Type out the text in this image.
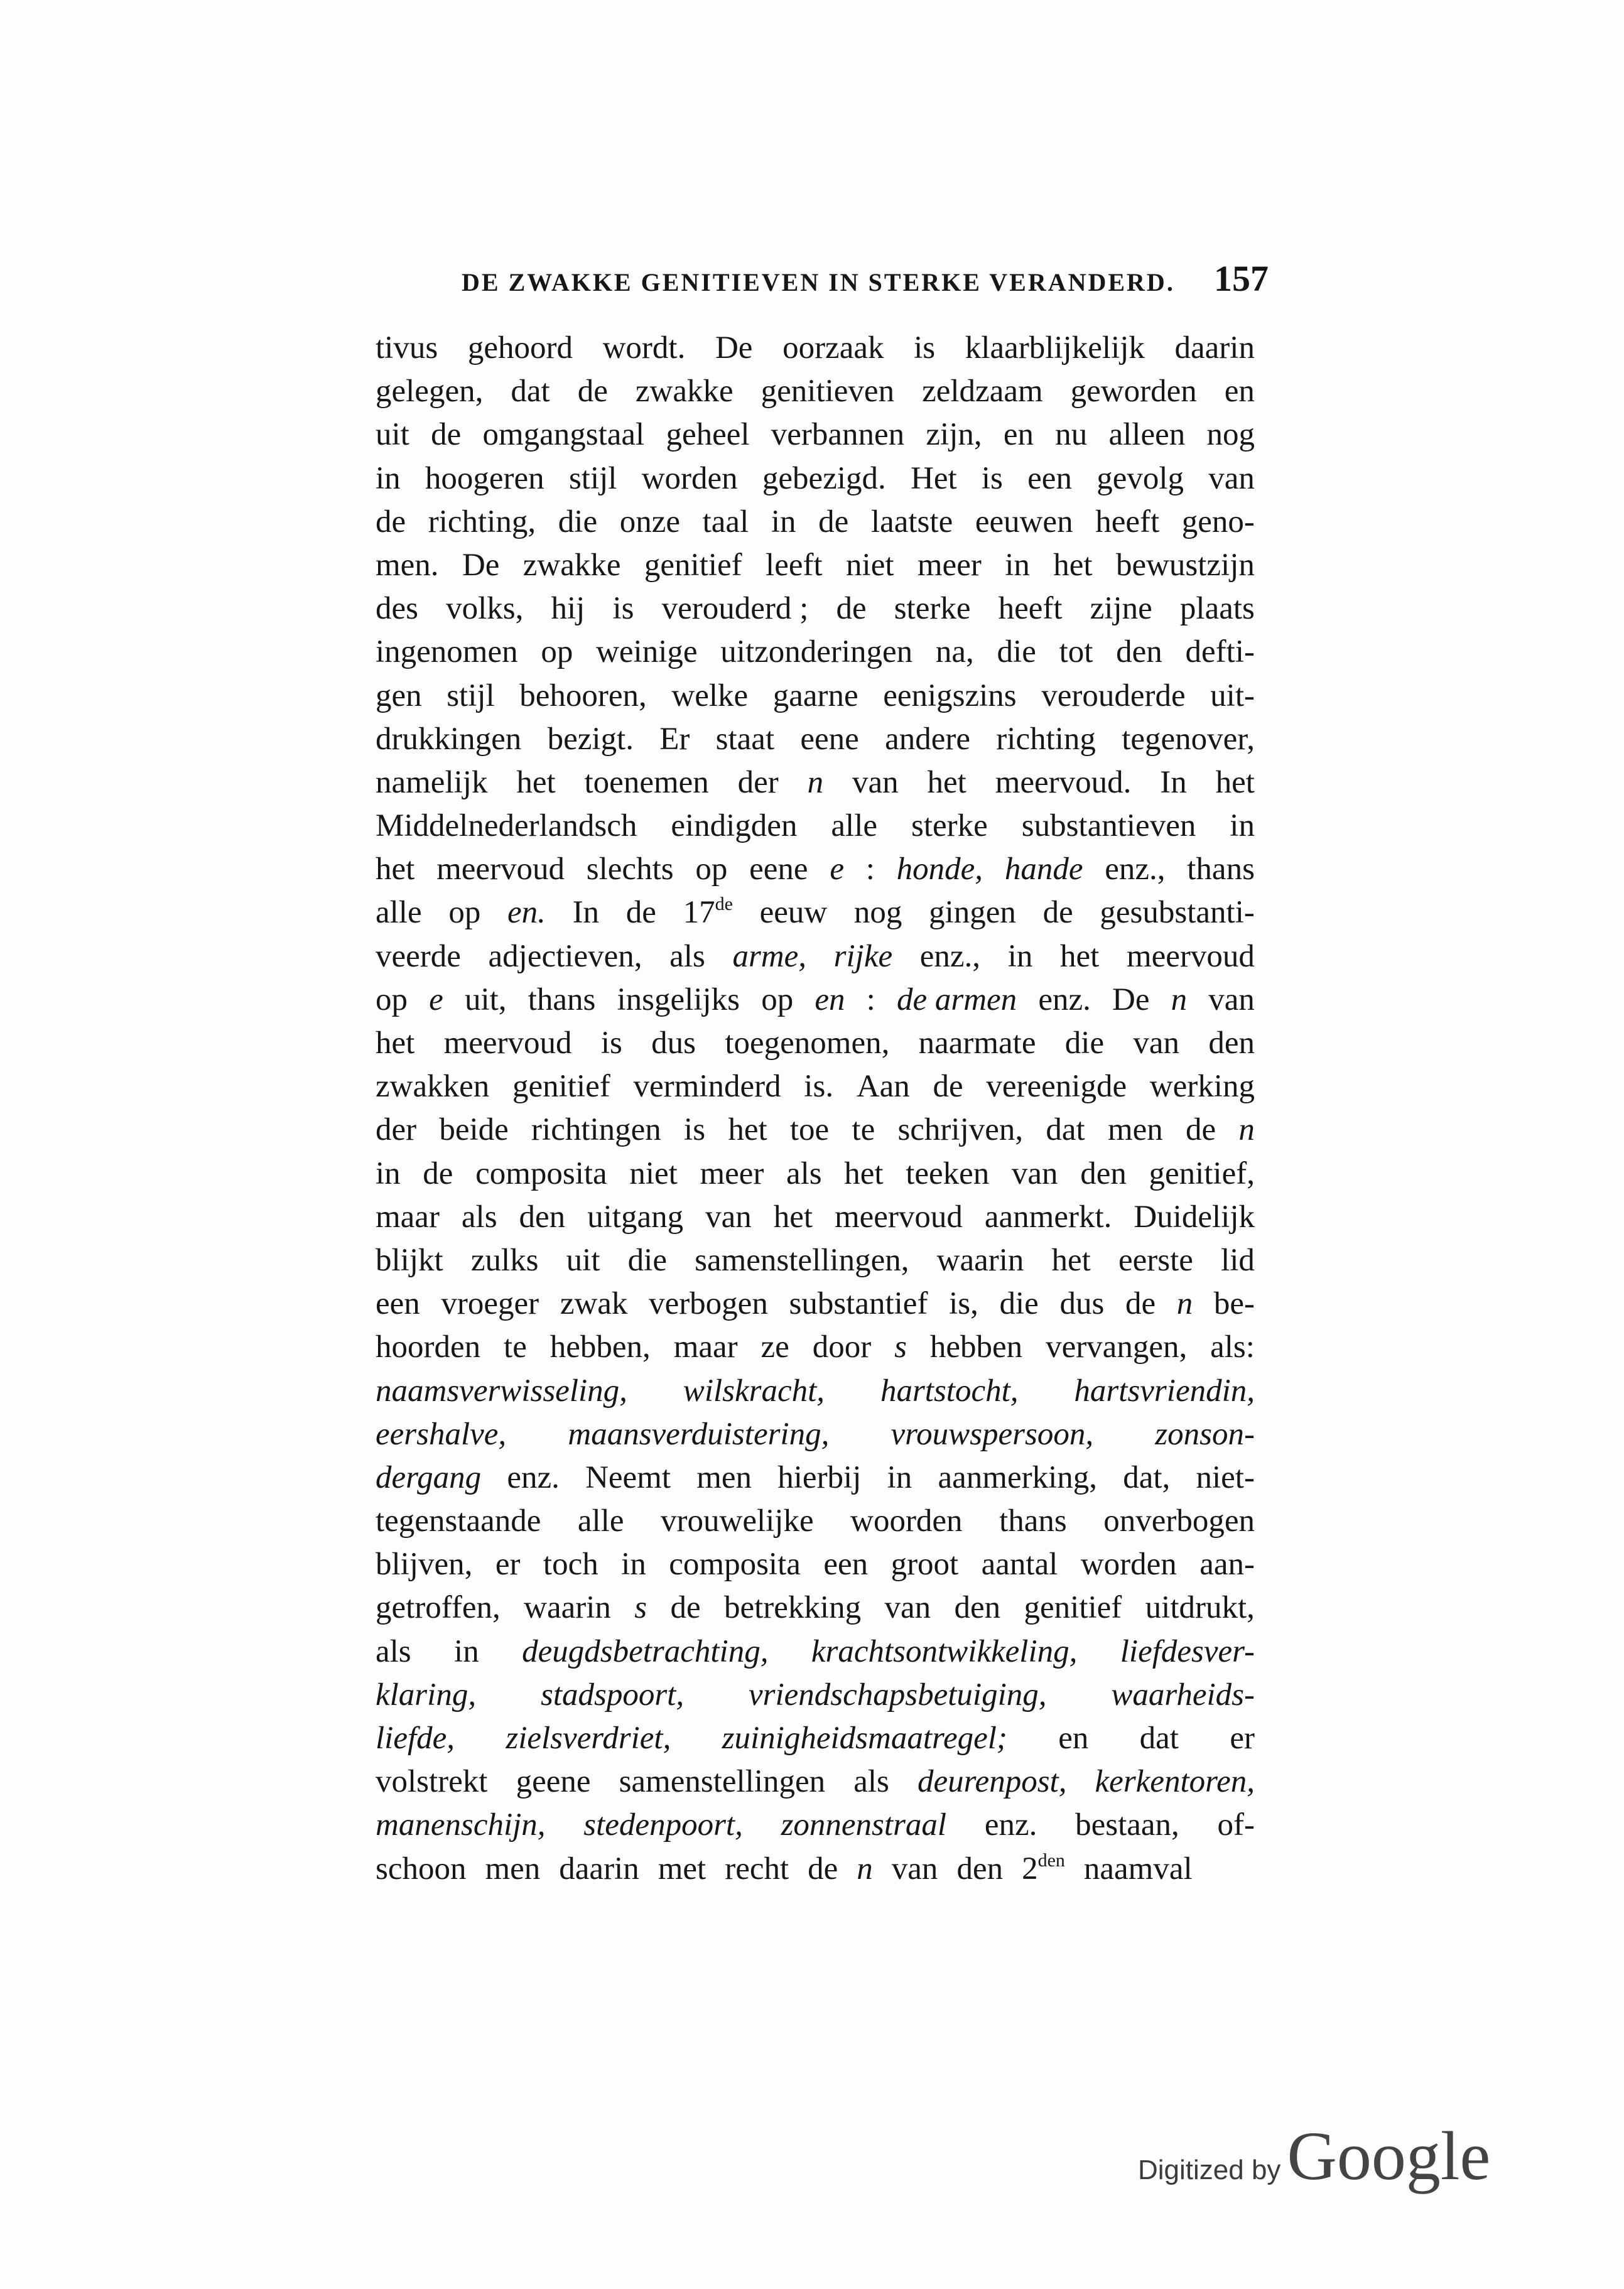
DE ZWAKKE GENITIEVEN IN STERKE VERANDERD. 157
tivus gehoord wordt. De oorzaak is klaarblijkelijk daarin
gelegen, dat de zwakke genitieven zeldzaam geworden en
uit de omgangstaal geheel verbannen zijn, en nu alleen nog
in hoogeren stijl worden gebezigd. Het is een gevolg van
de richting, die onze taal in de laatste eeuwen heeft geno-
men. De zwakke genitief leeft niet meer in het bewustzijn
des volks, hij is verouderd ; de sterke heeft zijne plaats
ingenomen op weinige uitzonderingen na, die tot den defti-
gen stijl behooren, welke gaarne eenigszins verouderde uit-
drukkingen bezigt. Er staat eene andere richting tegenover,
namelijk het toenemen der n van het meervoud. In het
Middelnederlandsch eindigden alle sterke substantieven in
het meervoud slechts op eene e : honde, hande enz., thans
alle op en. In de 17de eeuw nog gingen de gesubstanti-
veerde adjectieven, als arme, rijke enz., in het meervoud
op e uit, thans insgelijks op en : de armen enz. De n van
het meervoud is dus toegenomen, naarmate die van den
zwakken genitief verminderd is. Aan de vereenigde werking
der beide richtingen is het toe te schrijven, dat men de n
in de composita niet meer als het teeken van den genitief,
maar als den uitgang van het meervoud aanmerkt. Duidelijk
blijkt zulks uit die samenstellingen, waarin het eerste lid
een vroeger zwak verbogen substantief is, die dus de n be-
hoorden te hebben, maar ze door s hebben vervangen, als:
naamsverwisseling, wilskracht, hartstocht, hartsvriendin,
eershalve, maansverduistering, vrouwspersoon, zonson-
dergang enz. Neemt men hierbij in aanmerking, dat, niet-
tegenstaande alle vrouwelijke woorden thans onverbogen
blijven, er toch in composita een groot aantal worden aan-
getroffen, waarin s de betrekking van den genitief uitdrukt,
als in deugdsbetrachting, krachtsontwikkeling, liefdesver-
klaring, stadspoort, vriendschapsbetuiging, waarheids-
liefde, zielsverdriet, zuinigheidsmaatregel; en dat er
volstrekt geene samenstellingen als deurenpost, kerkentoren,
manenschijn, stedenpoort, zonnenstraal enz. bestaan, of-
schoon men daarin met recht de n van den $2^{den}$ naamval
Digitized by Google
